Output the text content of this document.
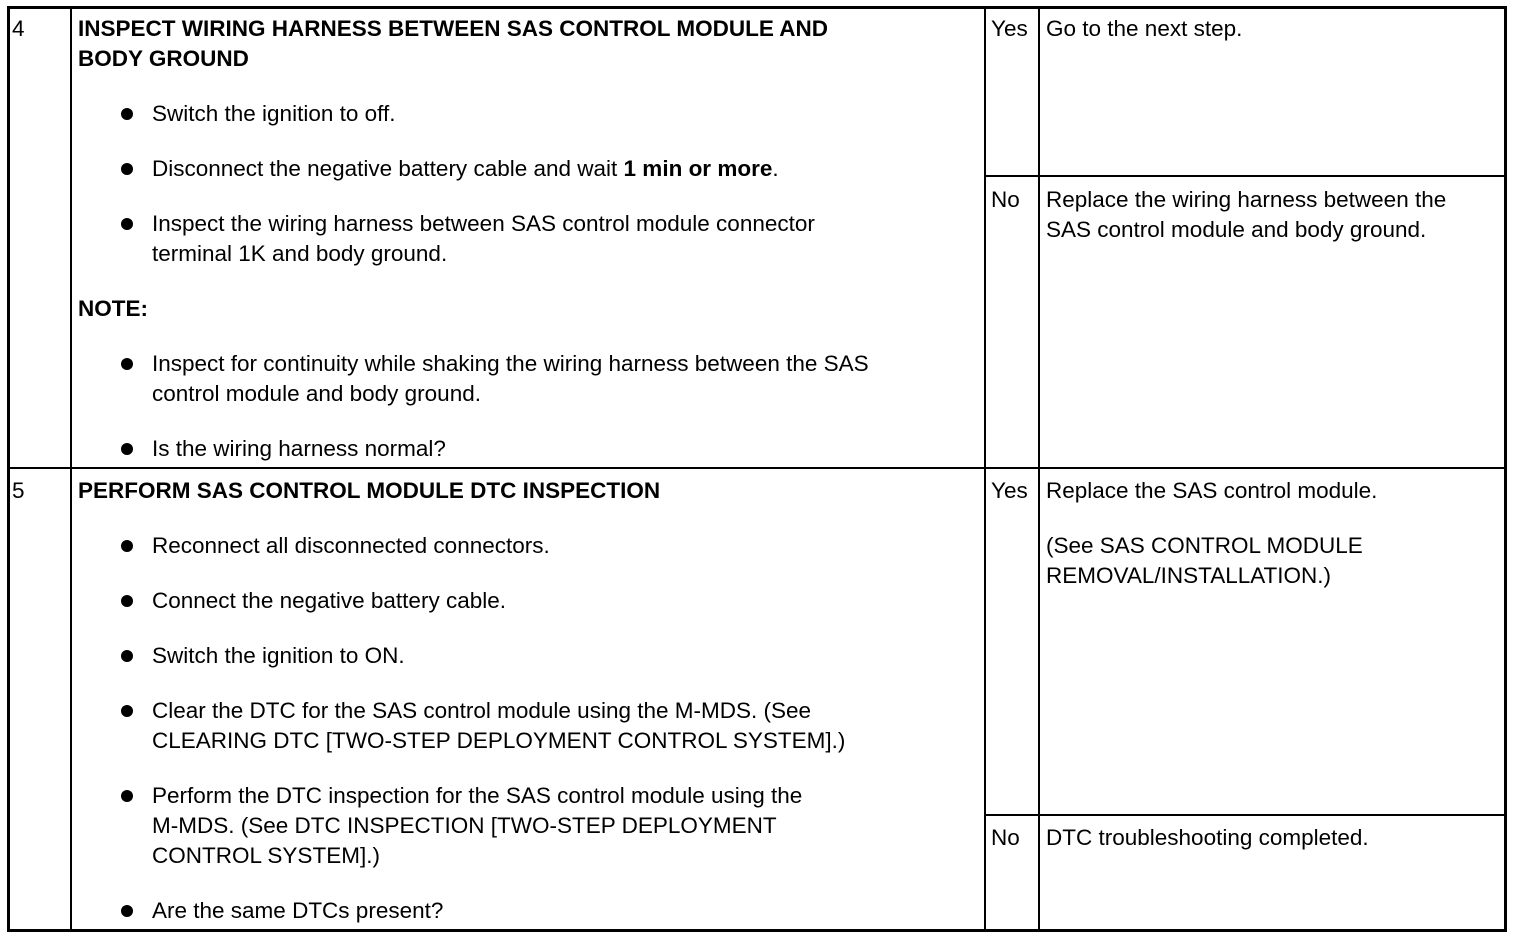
4 INSPECT WIRING HARNESS BETWEEN SAS CONTROL MODULE AND
BODY GROUND
Switch the ignition to off.
Disconnect the negative battery cable and wait 1 min or more.
Inspect the wiring harness between SAS control module connector
terminal 1K and body ground.
NOTE:
Inspect for continuity while shaking the wiring harness between the SAS
control module and body ground.
Is the wiring harness normal?
Yes Go to the next step.
No Replace the wiring harness between the
SAS control module and body ground.
5 PERFORM SAS CONTROL MODULE DTC INSPECTION
Reconnect all disconnected connectors.
Connect the negative battery cable.
Switch the ignition to ON.
Clear the DTC for the SAS control module using the M-MDS. (See
CLEARING DTC [TWO-STEP DEPLOYMENT CONTROL SYSTEM].)
Perform the DTC inspection for the SAS control module using the
M-MDS. (See DTC INSPECTION [TWO-STEP DEPLOYMENT
CONTROL SYSTEM].)
Are the same DTCs present?
Yes Replace the SAS control module.
(See SAS CONTROL MODULE
REMOVAL/INSTALLATION.)
No DTC troubleshooting completed.
